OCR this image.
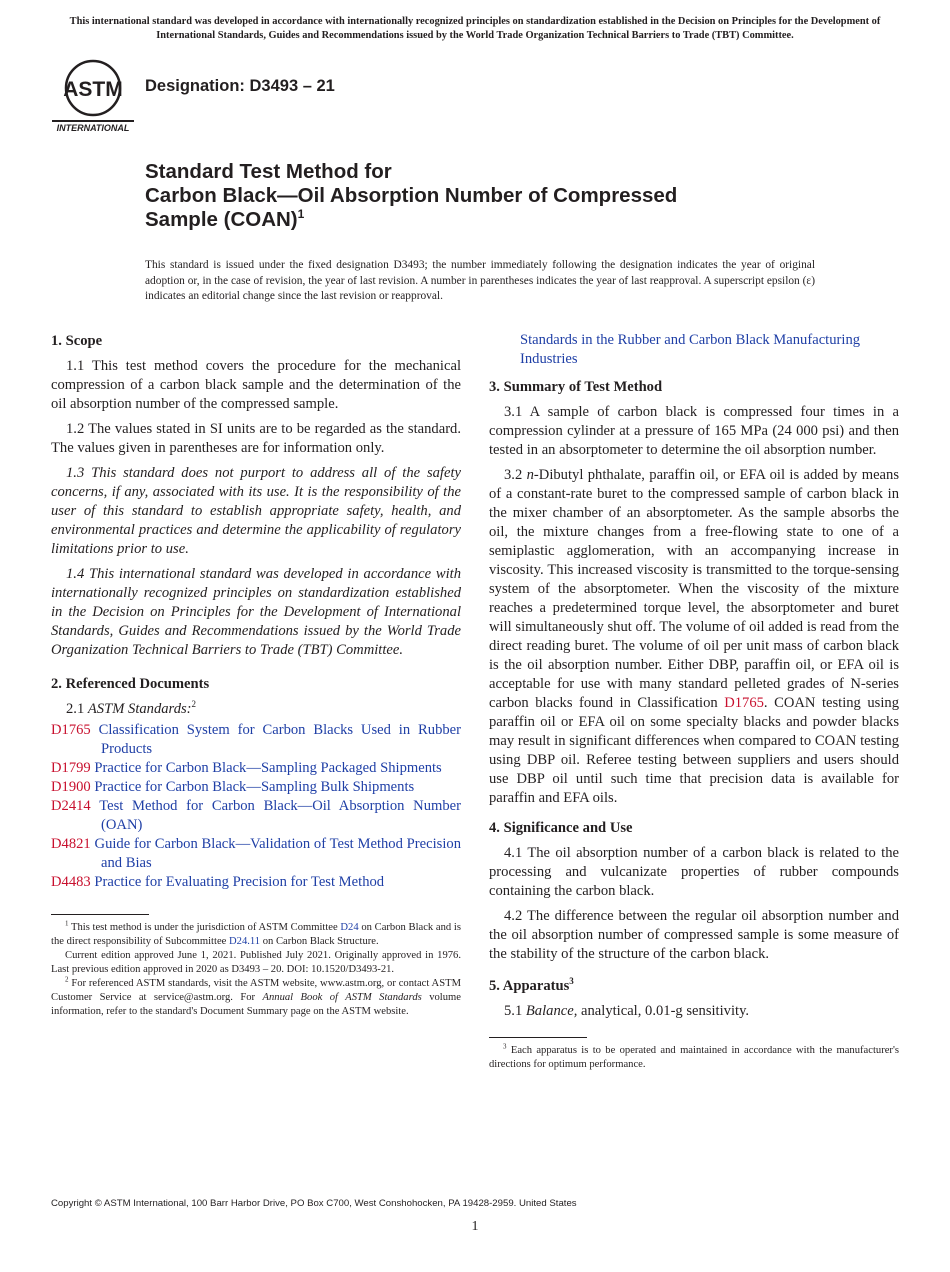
This international standard was developed in accordance with internationally recognized principles on standardization established in the Decision on Principles for the Development of International Standards, Guides and Recommendations issued by the World Trade Organization Technical Barriers to Trade (TBT) Committee.
ASTM
INTERNATIONAL
Designation: D3493 – 21
Standard Test Method for
Carbon Black—Oil Absorption Number of Compressed
Sample (COAN)$^1$
This standard is issued under the fixed designation D3493; the number immediately following the designation indicates the year of original adoption or, in the case of revision, the year of last revision. A number in parentheses indicates the year of last reapproval. A superscript epsilon (ε) indicates an editorial change since the last revision or reapproval.
1. Scope

1.1 This test method covers the procedure for the mechanical compression of a carbon black sample and the determination of the oil absorption number of the compressed sample.

1.2 The values stated in SI units are to be regarded as the standard. The values given in parentheses are for information only.

1.3 This standard does not purport to address all of the safety concerns, if any, associated with its use. It is the responsibility of the user of this standard to establish appropriate safety, health, and environmental practices and determine the applicability of regulatory limitations prior to use.

1.4 This international standard was developed in accordance with internationally recognized principles on standardization established in the Decision on Principles for the Development of International Standards, Guides and Recommendations issued by the World Trade Organization Technical Barriers to Trade (TBT) Committee.

2. Referenced Documents

2.1 ASTM Standards:$^2$

D1765 Classification System for Carbon Blacks Used in Rubber Products
D1799 Practice for Carbon Black—Sampling Packaged Shipments
D1900 Practice for Carbon Black—Sampling Bulk Shipments
D2414 Test Method for Carbon Black—Oil Absorption Number (OAN)
D4821 Guide for Carbon Black—Validation of Test Method Precision and Bias
D4483 Practice for Evaluating Precision for Test Method
$^1$ This test method is under the jurisdiction of ASTM Committee D24 on Carbon Black and is the direct responsibility of Subcommittee D24.11 on Carbon Black Structure.
Current edition approved June 1, 2021. Published July 2021. Originally approved in 1976. Last previous edition approved in 2020 as D3493 – 20. DOI: 10.1520/D3493-21.
$^2$ For referenced ASTM standards, visit the ASTM website, www.astm.org, or contact ASTM Customer Service at service@astm.org. For Annual Book of ASTM Standards volume information, refer to the standard's Document Summary page on the ASTM website.
Standards in the Rubber and Carbon Black Manufacturing Industries
3. Summary of Test Method

3.1 A sample of carbon black is compressed four times in a compression cylinder at a pressure of 165 MPa (24 000 psi) and then tested in an absorptometer to determine the oil absorption number.

3.2 n-Dibutyl phthalate, paraffin oil, or EFA oil is added by means of a constant-rate buret to the compressed sample of carbon black in the mixer chamber of an absorptometer. As the sample absorbs the oil, the mixture changes from a free-flowing state to one of a semiplastic agglomeration, with an accompanying increase in viscosity. This increased viscosity is transmitted to the torque-sensing system of the absorptometer. When the viscosity of the mixture reaches a predetermined torque level, the absorptometer and buret will simultaneously shut off. The volume of oil added is read from the direct reading buret. The volume of oil per unit mass of carbon black is the oil absorption number. Either DBP, paraffin oil, or EFA oil is acceptable for use with many standard pelleted grades of N-series carbon blacks found in Classification D1765. COAN testing using paraffin oil or EFA oil on some specialty blacks and powder blacks may result in significant differences when compared to COAN testing using DBP oil. Referee testing between suppliers and users should use DBP oil until such time that precision data is available for paraffin and EFA oils.

4. Significance and Use

4.1 The oil absorption number of a carbon black is related to the processing and vulcanizate properties of rubber compounds containing the carbon black.

4.2 The difference between the regular oil absorption number and the oil absorption number of compressed sample is some measure of the stability of the structure of the carbon black.

5. Apparatus$^3$

5.1 Balance, analytical, 0.01-g sensitivity.

$^3$ Each apparatus is to be operated and maintained in accordance with the manufacturer's directions for optimum performance.
Copyright © ASTM International, 100 Barr Harbor Drive, PO Box C700, West Conshohocken, PA 19428-2959. United States
1
